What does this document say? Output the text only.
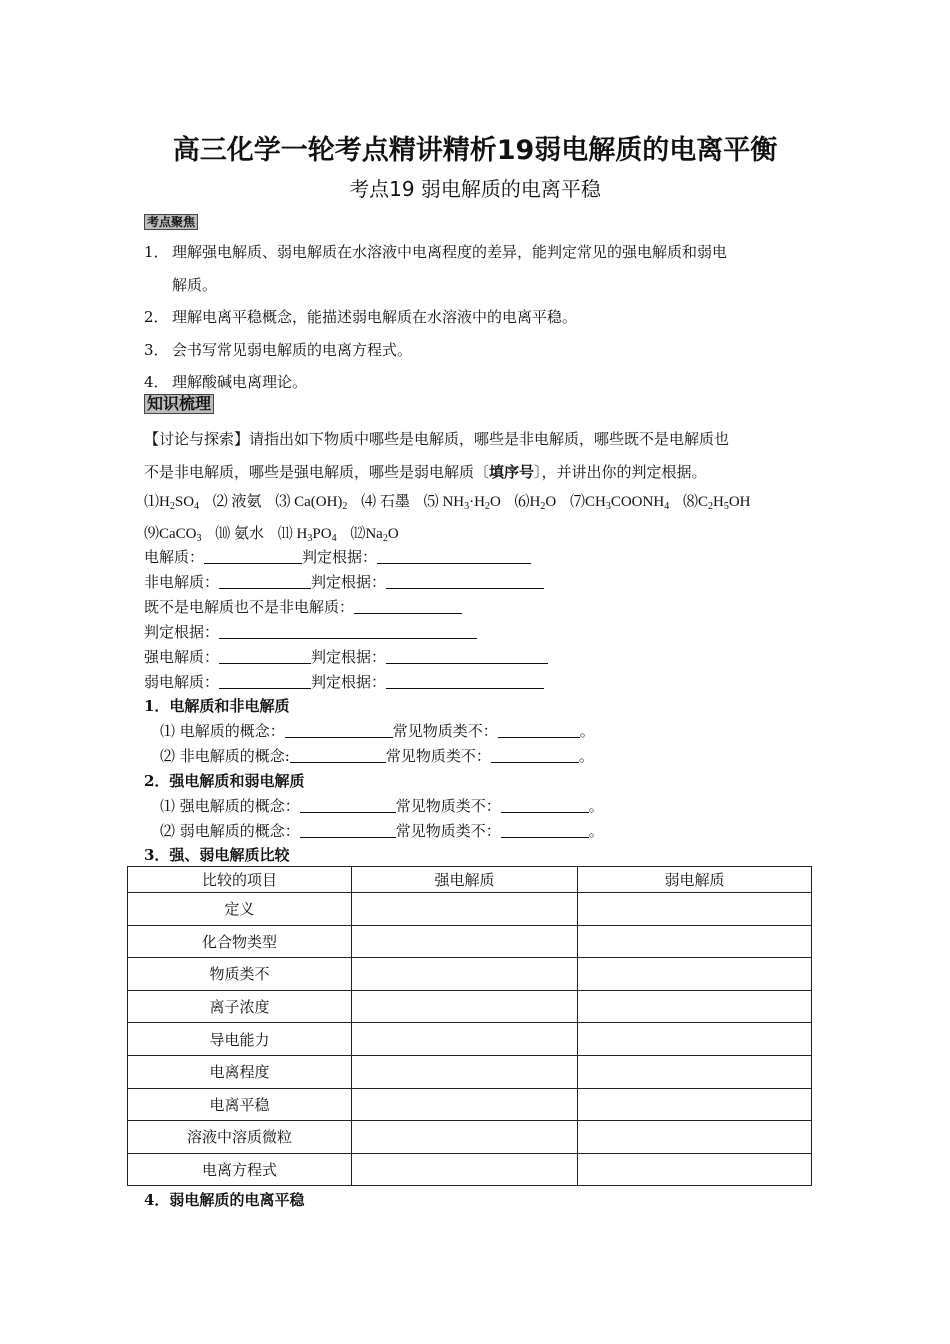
高三化学一轮考点精讲精析19弱电解质的电离平衡
考点19 弱电解质的电离平稳
考点聚焦
1． 理解强电解质、弱电解质在水溶液中电离程度的差异，能判定常见的强电解质和弱电
解质。
2． 理解电离平稳概念，能描述弱电解质在水溶液中的电离平稳。
3． 会书写常见弱电解质的电离方程式。
4． 理解酸碱电离理论。
知识梳理
【讨论与探索】请指出如下物质中哪些是电解质，哪些是非电解质，哪些既不是电解质也
不是非电解质，哪些是强电解质，哪些是弱电解质〔填序号〕，并讲出你的判定根据。
$⑴H_2SO_4$ ⑵ 液氨 ⑶ $Ca(OH)_2$ ⑷ 石墨 ⑸ $NH_3\cdot H_2O$ $⑹H_2O$ $⑺CH_3COONH_4$ $⑻C_2H_5OH$
⑼CaCO$_3$ ⑽ 氨水 ⑾ $H_3PO_4$ $⑿Na_2O$
电解质：	判定根据：
非电解质：	判定根据：
既不是电解质也不是非电解质：
判定根据：
强电解质：	判定根据：
弱电解质：	判定根据：
1．电解质和非电解质
⑴ 电解质的概念：	常见物质类不：	。
⑵ 非电解质的概念:	常见物质类不：	。
2．强电解质和弱电解质
⑴ 强电解质的概念：	常见物质类不：	。
⑵ 弱电解质的概念：	常见物质类不：	。
3．强、弱电解质比较
比较的项目	强电解质	弱电解质
定义		
化合物类型		
物质类不		
离子浓度		
导电能力		
电离程度		
电离平稳		
溶液中溶质微粒		
电离方程式		
4．弱电解质的电离平稳
